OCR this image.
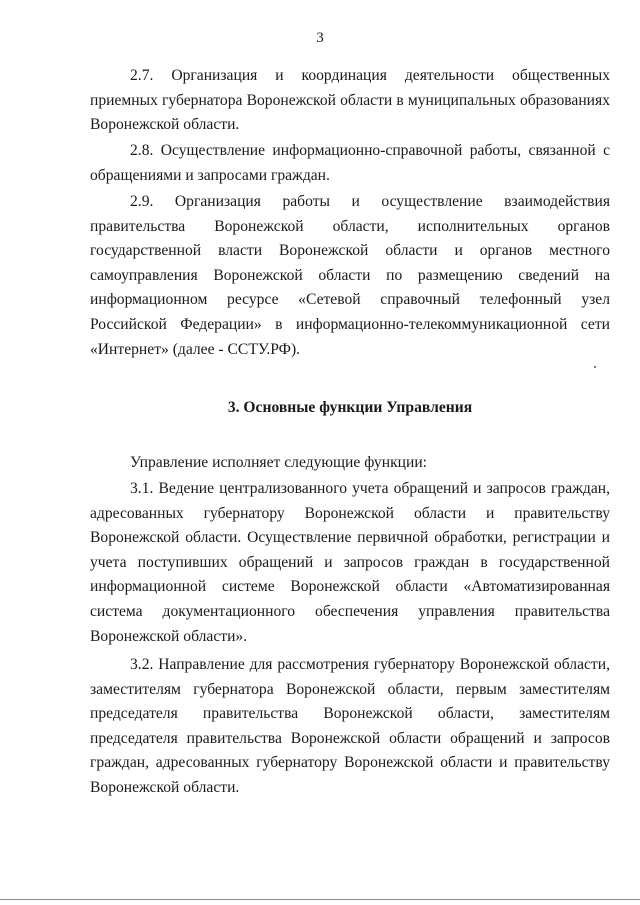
3

2.7. Организация и координация деятельности общественных приемных губернатора Воронежской области в муниципальных образованиях Воронежской области.

2.8. Осуществление информационно-справочной работы, связанной с обращениями и запросами граждан.

2.9. Организация работы и осуществление взаимодействия правительства Воронежской области, исполнительных органов государственной власти Воронежской области и органов местного самоуправления Воронежской области по размещению сведений на информационном ресурсе «Сетевой справочный телефонный узел Российской Федерации» в информационно-телекоммуникационной сети «Интернет» (далее - ССТУ.РФ).

3. Основные функции Управления

Управление исполняет следующие функции:

3.1. Ведение централизованного учета обращений и запросов граждан, адресованных губернатору Воронежской области и правительству Воронежской области. Осуществление первичной обработки, регистрации и учета поступивших обращений и запросов граждан в государственной информационной системе Воронежской области «Автоматизированная система документационного обеспечения управления правительства Воронежской области».

3.2. Направление для рассмотрения губернатору Воронежской области, заместителям губернатора Воронежской области, первым заместителям председателя правительства Воронежской области, заместителям председателя правительства Воронежской области обращений и запросов граждан, адресованных губернатору Воронежской области и правительству Воронежской области.
